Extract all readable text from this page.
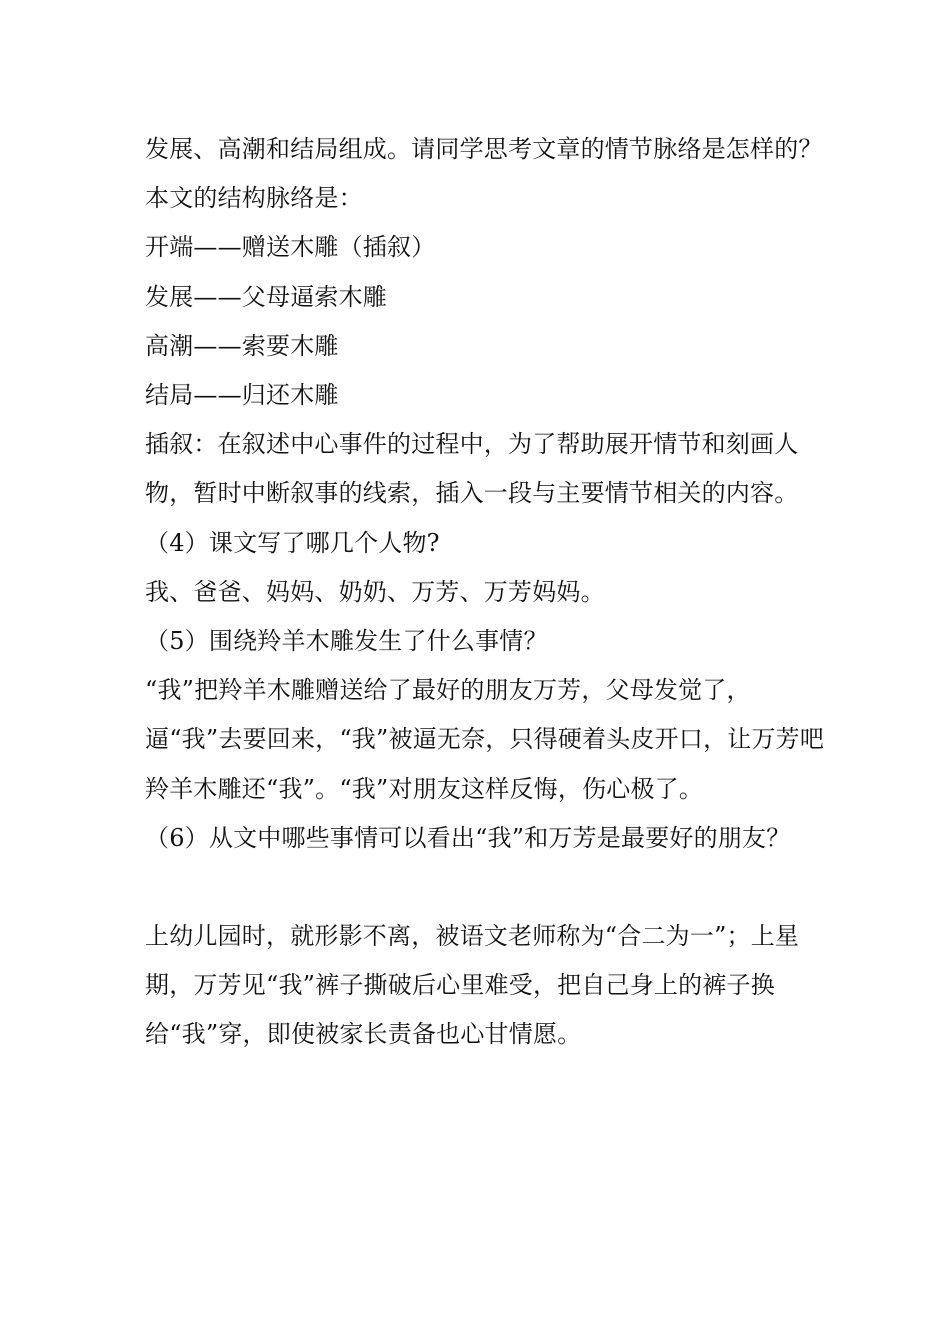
发展、高潮和结局组成。请同学思考文章的情节脉络是怎样的？

本文的结构脉络是：

开端——赠送木雕（插叙）

发展——父母逼索木雕

高潮——索要木雕

结局——归还木雕

插叙：在叙述中心事件的过程中，为了帮助展开情节和刻画人物，暂时中断叙事的线索，插入一段与主要情节相关的内容。

（4）课文写了哪几个人物?

我、爸爸、妈妈、奶奶、万芳、万芳妈妈。

（5）围绕羚羊木雕发生了什么事情？

“我”把羚羊木雕赠送给了最好的朋友万芳，父母发觉了，逼“我”去要回来，“我”被逼无奈，只得硬着头皮开口，让万芳吧羚羊木雕还“我”。“我”对朋友这样反悔，伤心极了。

（6）从文中哪些事情可以看出“我”和万芳是最要好的朋友？

上幼儿园时，就形影不离，被语文老师称为“合二为一”；上星期，万芳见“我”裤子撕破后心里难受，把自己身上的裤子换给“我”穿，即使被家长责备也心甘情愿。
